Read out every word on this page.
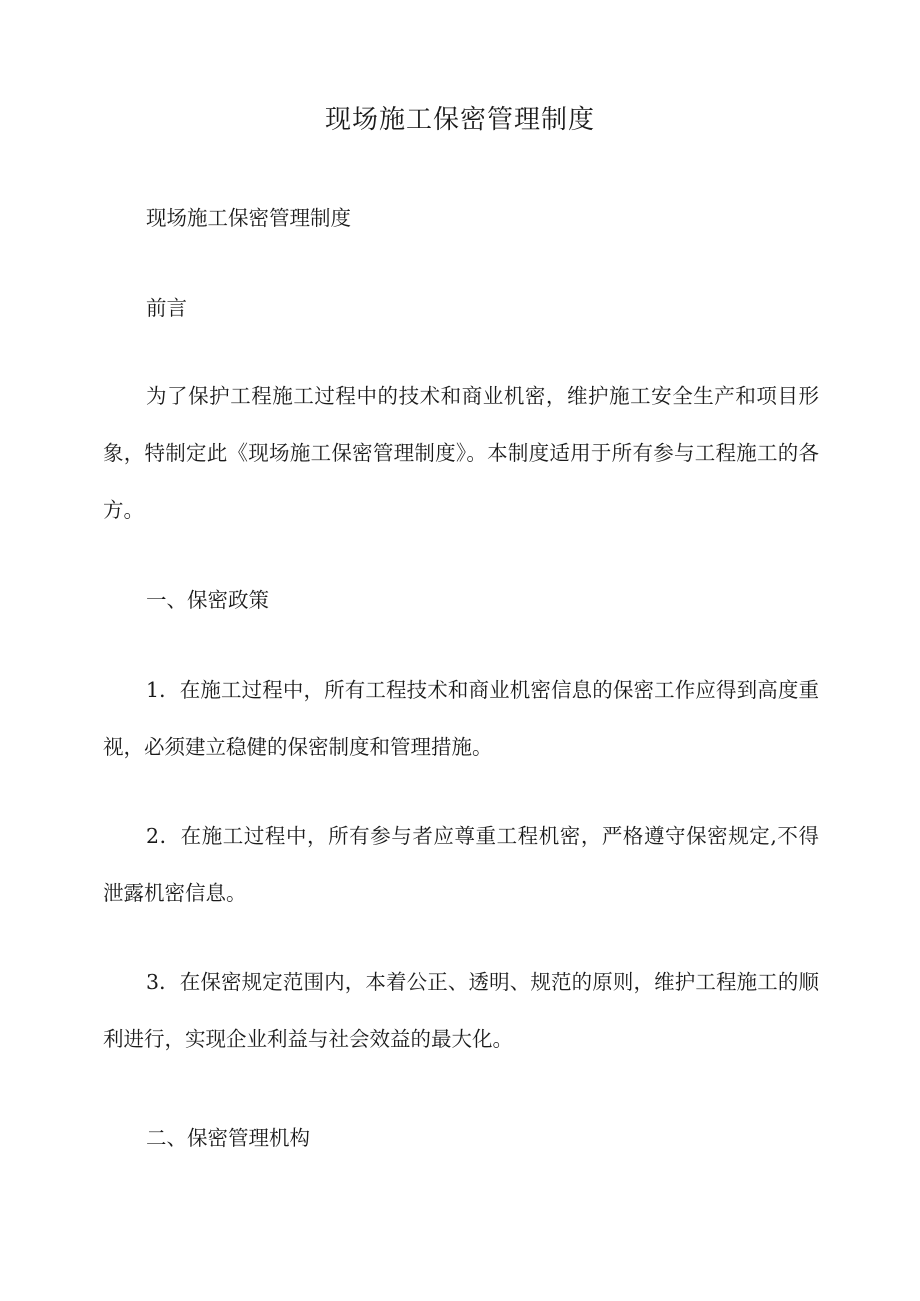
现场施工保密管理制度

现场施工保密管理制度

前言

为了保护工程施工过程中的技术和商业机密，维护施工安全生产和项目形象，特制定此《现场施工保密管理制度》。本制度适用于所有参与工程施工的各方。

一、保密政策

1．在施工过程中，所有工程技术和商业机密信息的保密工作应得到高度重视，必须建立稳健的保密制度和管理措施。

2．在施工过程中，所有参与者应尊重工程机密，严格遵守保密规定,不得泄露机密信息。

3．在保密规定范围内，本着公正、透明、规范的原则，维护工程施工的顺利进行，实现企业利益与社会效益的最大化。

二、保密管理机构
